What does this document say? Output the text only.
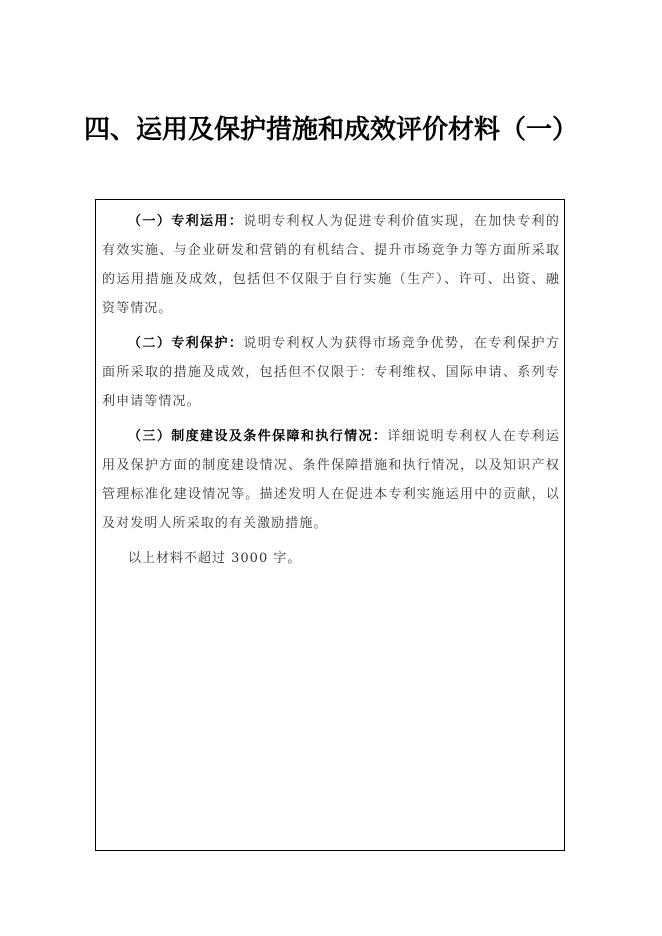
四、运用及保护措施和成效评价材料（一）

（一）专利运用：说明专利权人为促进专利价值实现，在加快专利的有效实施、与企业研发和营销的有机结合、提升市场竞争力等方面所采取的运用措施及成效，包括但不仅限于自行实施（生产）、许可、出资、融资等情况。

（二）专利保护：说明专利权人为获得市场竞争优势，在专利保护方面所采取的措施及成效，包括但不仅限于：专利维权、国际申请、系列专利申请等情况。

（三）制度建设及条件保障和执行情况：详细说明专利权人在专利运用及保护方面的制度建设情况、条件保障措施和执行情况，以及知识产权管理标准化建设情况等。描述发明人在促进本专利实施运用中的贡献，以及对发明人所采取的有关激励措施。

以上材料不超过 3000 字。
